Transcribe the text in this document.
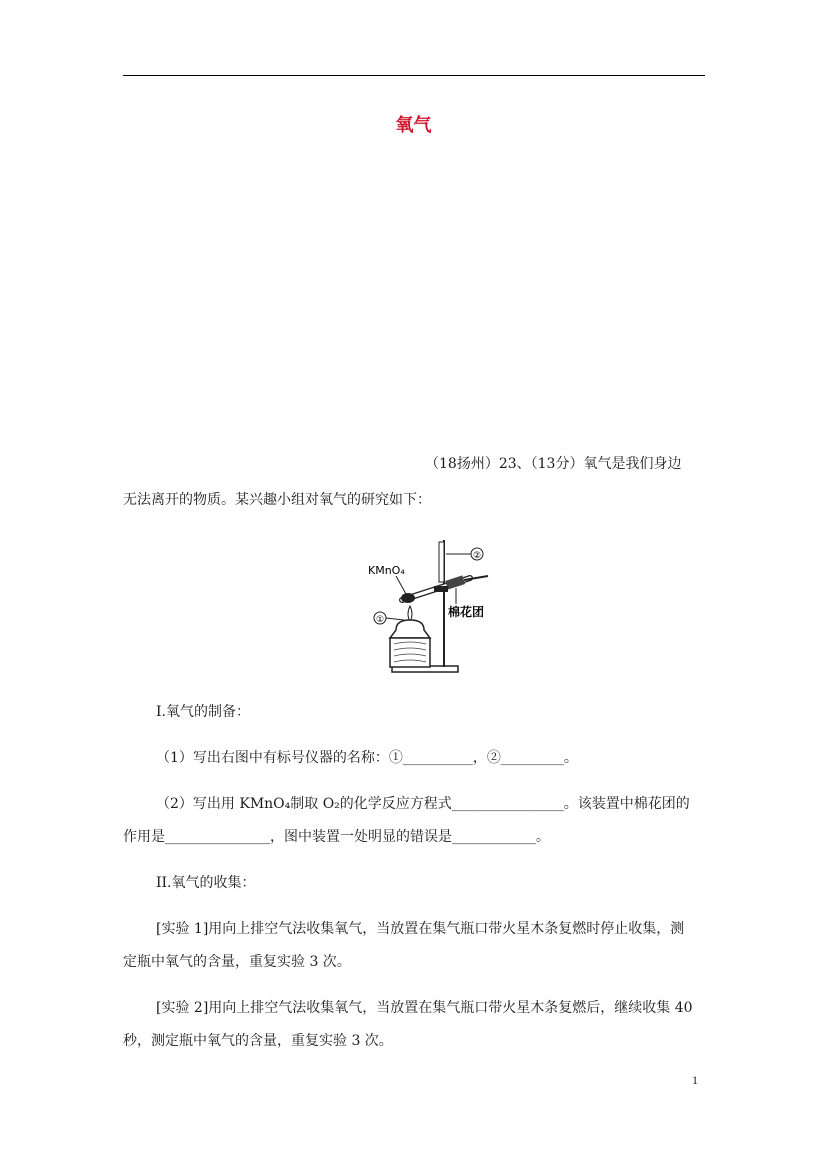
氧气
（18扬州）23、（13分）氧气是我们身边
无法离开的物质。某兴趣小组对氧气的研究如下：
②
KMnO₄
①
棉花团
I.氧气的制备：
（1）写出右图中有标号仪器的名称：①__________，②_________。
（2）写出用 KMnO₄制取 O₂的化学反应方程式________________。该装置中棉花团的
作用是_______________，图中装置一处明显的错误是____________。
II.氧气的收集：
[实验 1]用向上排空气法收集氧气，当放置在集气瓶口带火星木条复燃时停止收集，测
定瓶中氧气的含量，重复实验 3 次。
[实验 2]用向上排空气法收集氧气，当放置在集气瓶口带火星木条复燃后，继续收集 40
秒，测定瓶中氧气的含量，重复实验 3 次。
1
